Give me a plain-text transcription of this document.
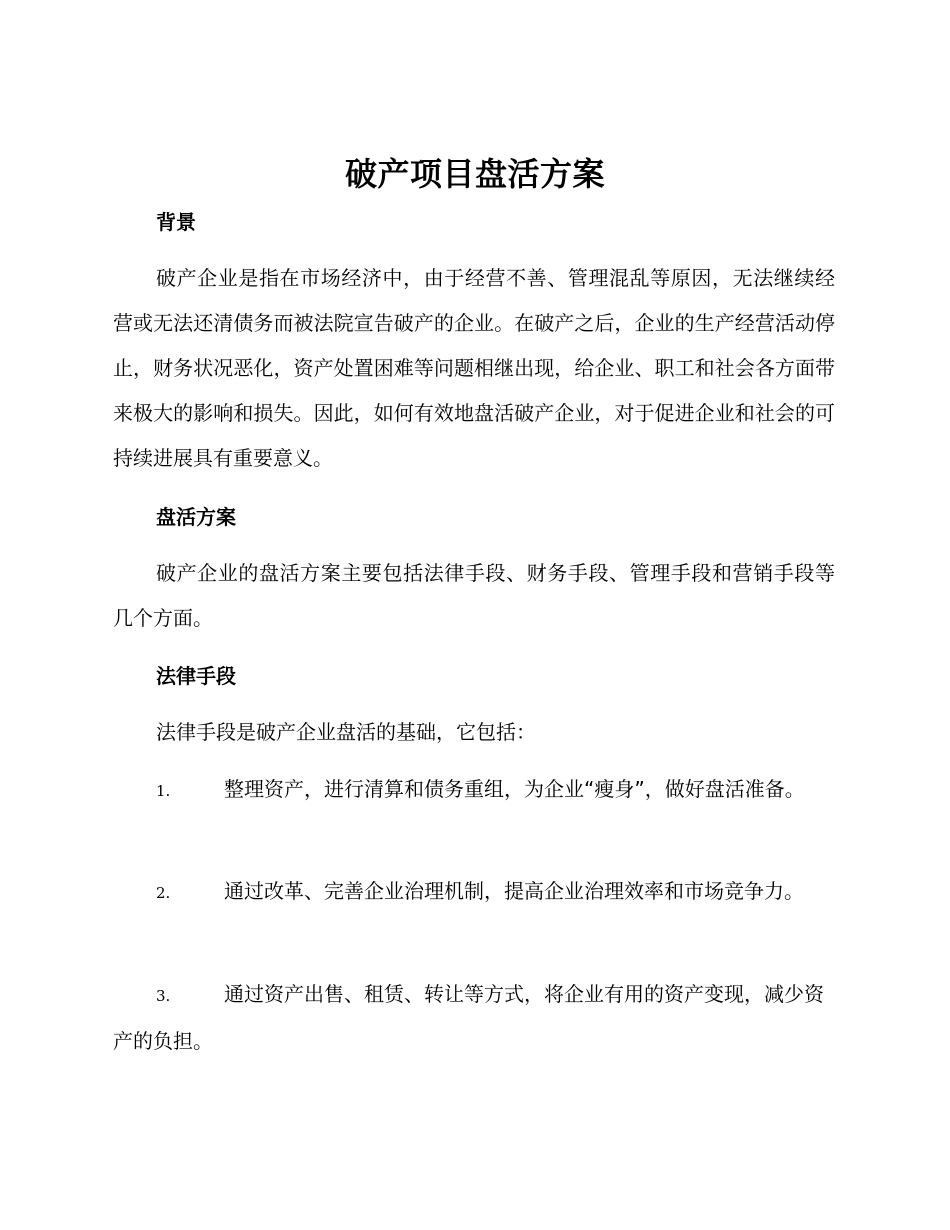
破产项目盘活方案
背景

破产企业是指在市场经济中，由于经营不善、管理混乱等原因，无法继续经营或无法还清债务而被法院宣告破产的企业。在破产之后，企业的生产经营活动停止，财务状况恶化，资产处置困难等问题相继出现，给企业、职工和社会各方面带来极大的影响和损失。因此，如何有效地盘活破产企业，对于促进企业和社会的可持续进展具有重要意义。

盘活方案

破产企业的盘活方案主要包括法律手段、财务手段、管理手段和营销手段等几个方面。

法律手段

法律手段是破产企业盘活的基础，它包括：

1.	整理资产，进行清算和债务重组，为企业“瘦身”，做好盘活准备。

2.	通过改革、完善企业治理机制，提高企业治理效率和市场竞争力。

3.	通过资产出售、租赁、转让等方式，将企业有用的资产变现，减少资产的负担。
